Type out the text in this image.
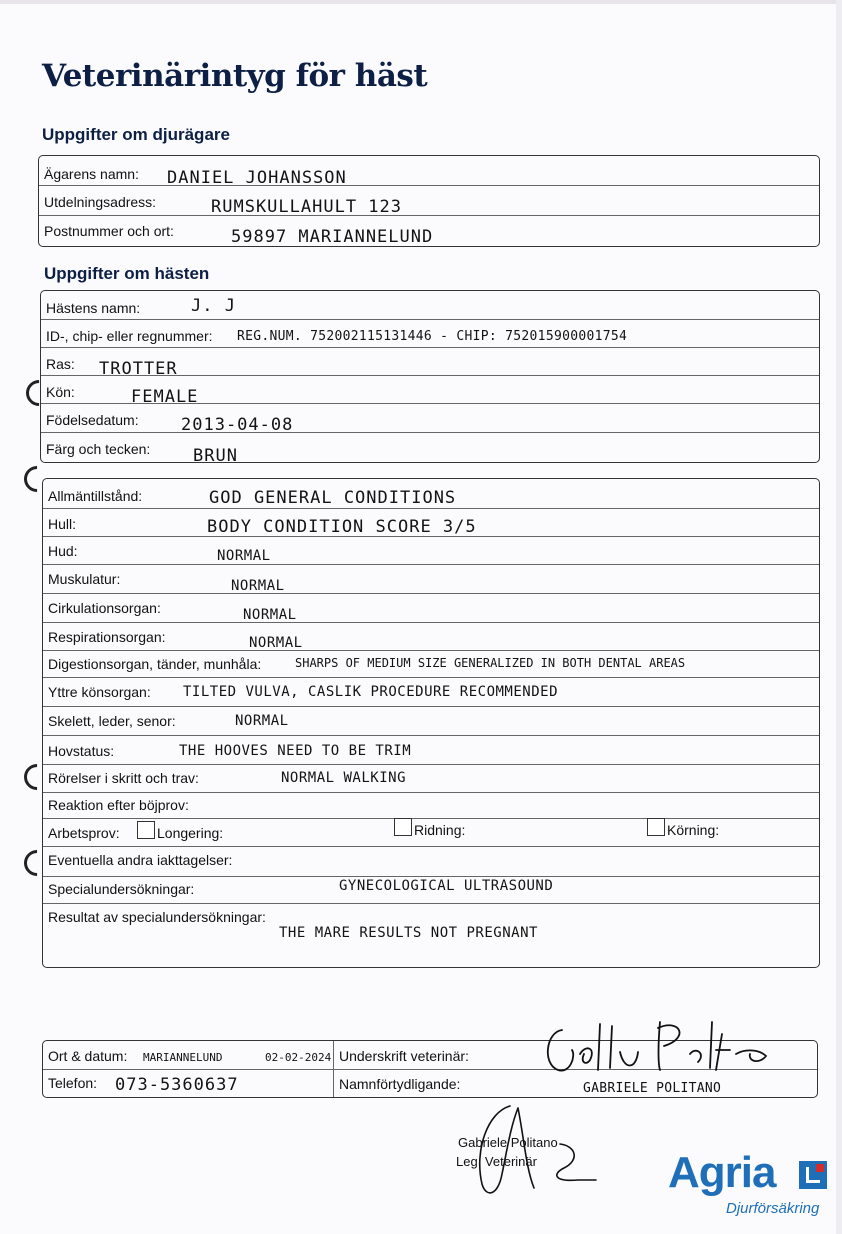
Veterinärintyg för häst
Uppgifter om djurägare
Ägarens namn: DANIEL JOHANSSON
Utdelningsadress:	RUMSKULLAHULT 123
Postnummer och ort:	59897 MARIANNELUND
Uppgifter om hästen
Hästens namn:	J. J
ID-, chip- eller regnummer: REG.NUM. 752002115131446 - CHIP: 752015900001754
Ras: TROTTER
Kön:	FEMALE
Födelsedatum: 2013-04-08
Färg och tecken:	BRUN
Allmäntillstånd:	GOD GENERAL CONDITIONS
Hull:	BODY CONDITION SCORE 3/5
Hud:	NORMAL
Muskulatur:	NORMAL
Cirkulationsorgan:	NORMAL
Respirationsorgan:	NORMAL
Digestionsorgan, tänder, munhåla:	SHARPS OF MEDIUM SIZE GENERALIZED IN BOTH DENTAL AREAS
Yttre könsorgan: TILTED VULVA, CASLIK PROCEDURE RECOMMENDED
Skelett, leder, senor:	NORMAL
Hovstatus:	THE HOOVES NEED TO BE TRIM
Rörelser i skritt och trav:	NORMAL WALKING
Reaktion efter böjprov:
Arbetsprov:	Longering:	Ridning:	Körning:
Eventuella andra iakttagelser:
Specialundersökningar:	GYNECOLOGICAL ULTRASOUND
Resultat av specialundersökningar:
THE MARE RESULTS NOT PREGNANT
Ort & datum: MARIANNELUND	02-02-2024
Telefon: 073-5360637
Underskrift veterinär:
Namnförtydligande:	GABRIELE POLITANO
Gabriele Politano
Leg. Veterinär	Agria
Djurförsäkring
